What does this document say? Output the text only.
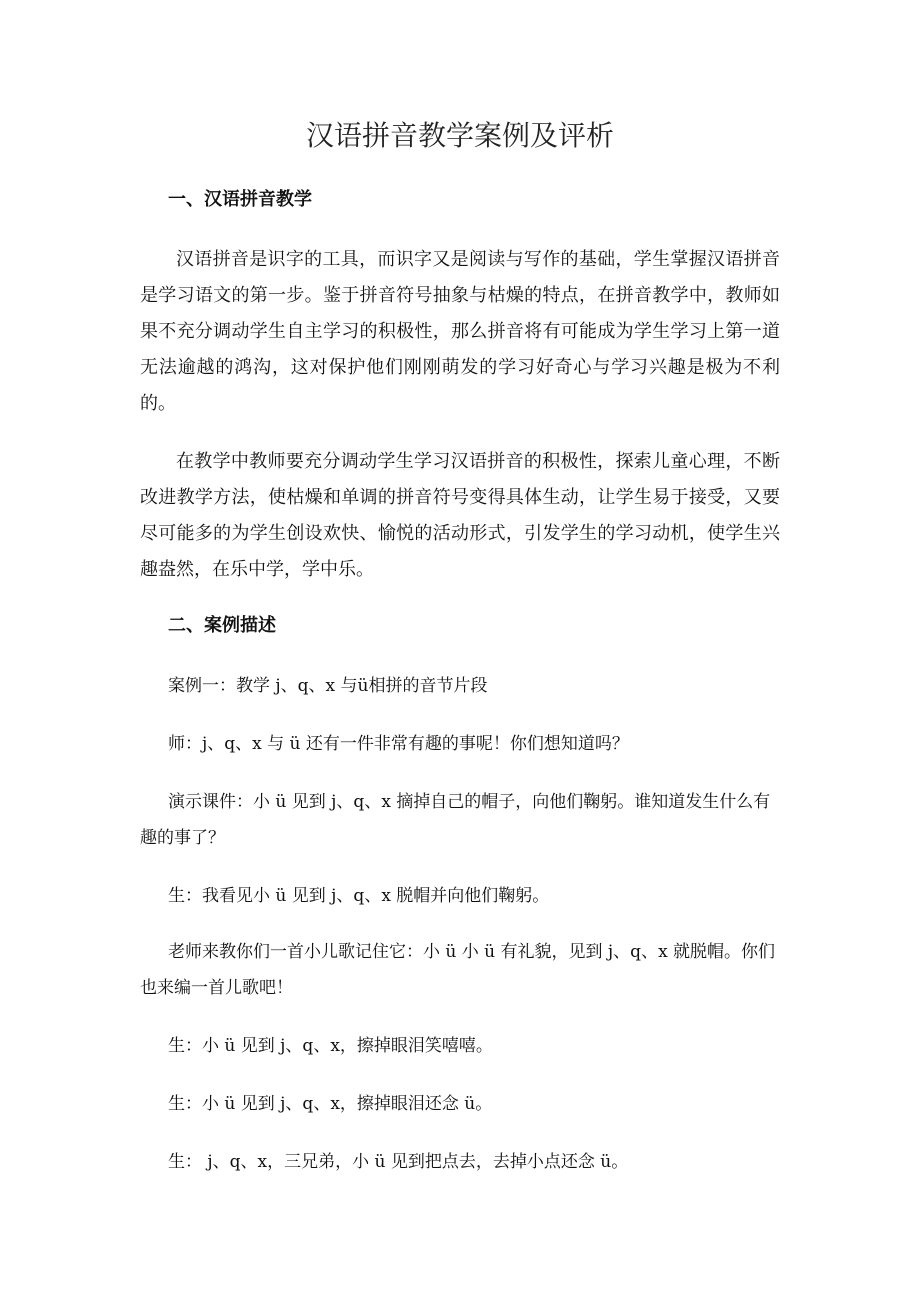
汉语拼音教学案例及评析
一、汉语拼音教学

汉语拼音是识字的工具，而识字又是阅读与写作的基础，学生掌握汉语拼音是学习语文的第一步。鉴于拼音符号抽象与枯燥的特点，在拼音教学中，教师如果不充分调动学生自主学习的积极性，那么拼音将有可能成为学生学习上第一道无法逾越的鸿沟，这对保护他们刚刚萌发的学习好奇心与学习兴趣是极为不利的。

在教学中教师要充分调动学生学习汉语拼音的积极性，探索儿童心理，不断改进教学方法，使枯燥和单调的拼音符号变得具体生动，让学生易于接受，又要尽可能多的为学生创设欢快、愉悦的活动形式，引发学生的学习动机，使学生兴趣盎然，在乐中学，学中乐。

二、案例描述

案例一：教学 j、q、x 与ü相拼的音节片段

师：j、q、x 与 ü 还有一件非常有趣的事呢！你们想知道吗？

演示课件：小 ü 见到 j、q、x 摘掉自己的帽子，向他们鞠躬。谁知道发生什么有趣的事了？

生：我看见小 ü 见到 j、q、x 脱帽并向他们鞠躬。

老师来教你们一首小儿歌记住它：小 ü 小 ü 有礼貌，见到 j、q、x 就脱帽。你们也来编一首儿歌吧！

生：小 ü 见到 j、q、x，擦掉眼泪笑嘻嘻。

生：小 ü 见到 j、q、x，擦掉眼泪还念 ü。

生： j、q、x，三兄弟，小 ü 见到把点去，去掉小点还念 ü。
